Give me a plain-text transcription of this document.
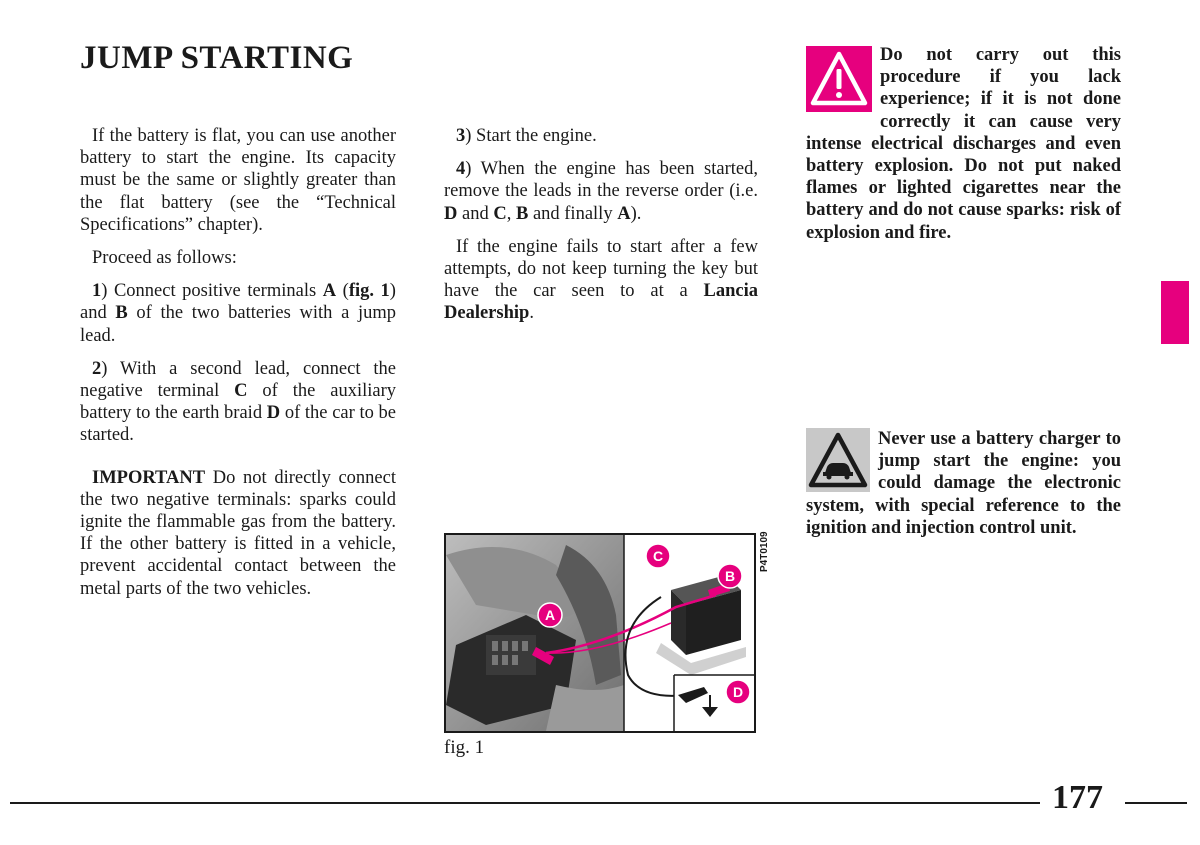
JUMP STARTING

If the battery is flat, you can use another battery to start the engine. Its capacity must be the same or slightly greater than the flat battery (see the “Technical Specifications” chapter).

Proceed as follows:

1) Connect positive terminals A (fig. 1) and B of the two batteries with a jump lead.

2) With a second lead, connect the negative terminal C of the auxiliary battery to the earth braid D of the car to be started.

IMPORTANT Do not directly connect the two negative terminals: sparks could ignite the flammable gas from the battery. If the other battery is fitted in a vehicle, prevent accidental contact between the metal parts of the two vehicles.

3) Start the engine.

4) When the engine has been started, remove the leads in the reverse order (i.e. D and C, B and finally A).

If the engine fails to start after a few attempts, do not keep turning the key but have the car seen to at a Lancia Dealership.

Do not carry out this procedure if you lack experience; if it is not done correctly it can cause very intense electrical discharges and even battery explosion. Do not put naked flames or lighted cigarettes near the battery and do not cause sparks: risk of explosion and fire.
Never use a battery charger to jump start the engine: you could damage the electronic system, with special reference to the ignition and injection control unit.
A
B
C
D
P4T0109
fig. 1
177
